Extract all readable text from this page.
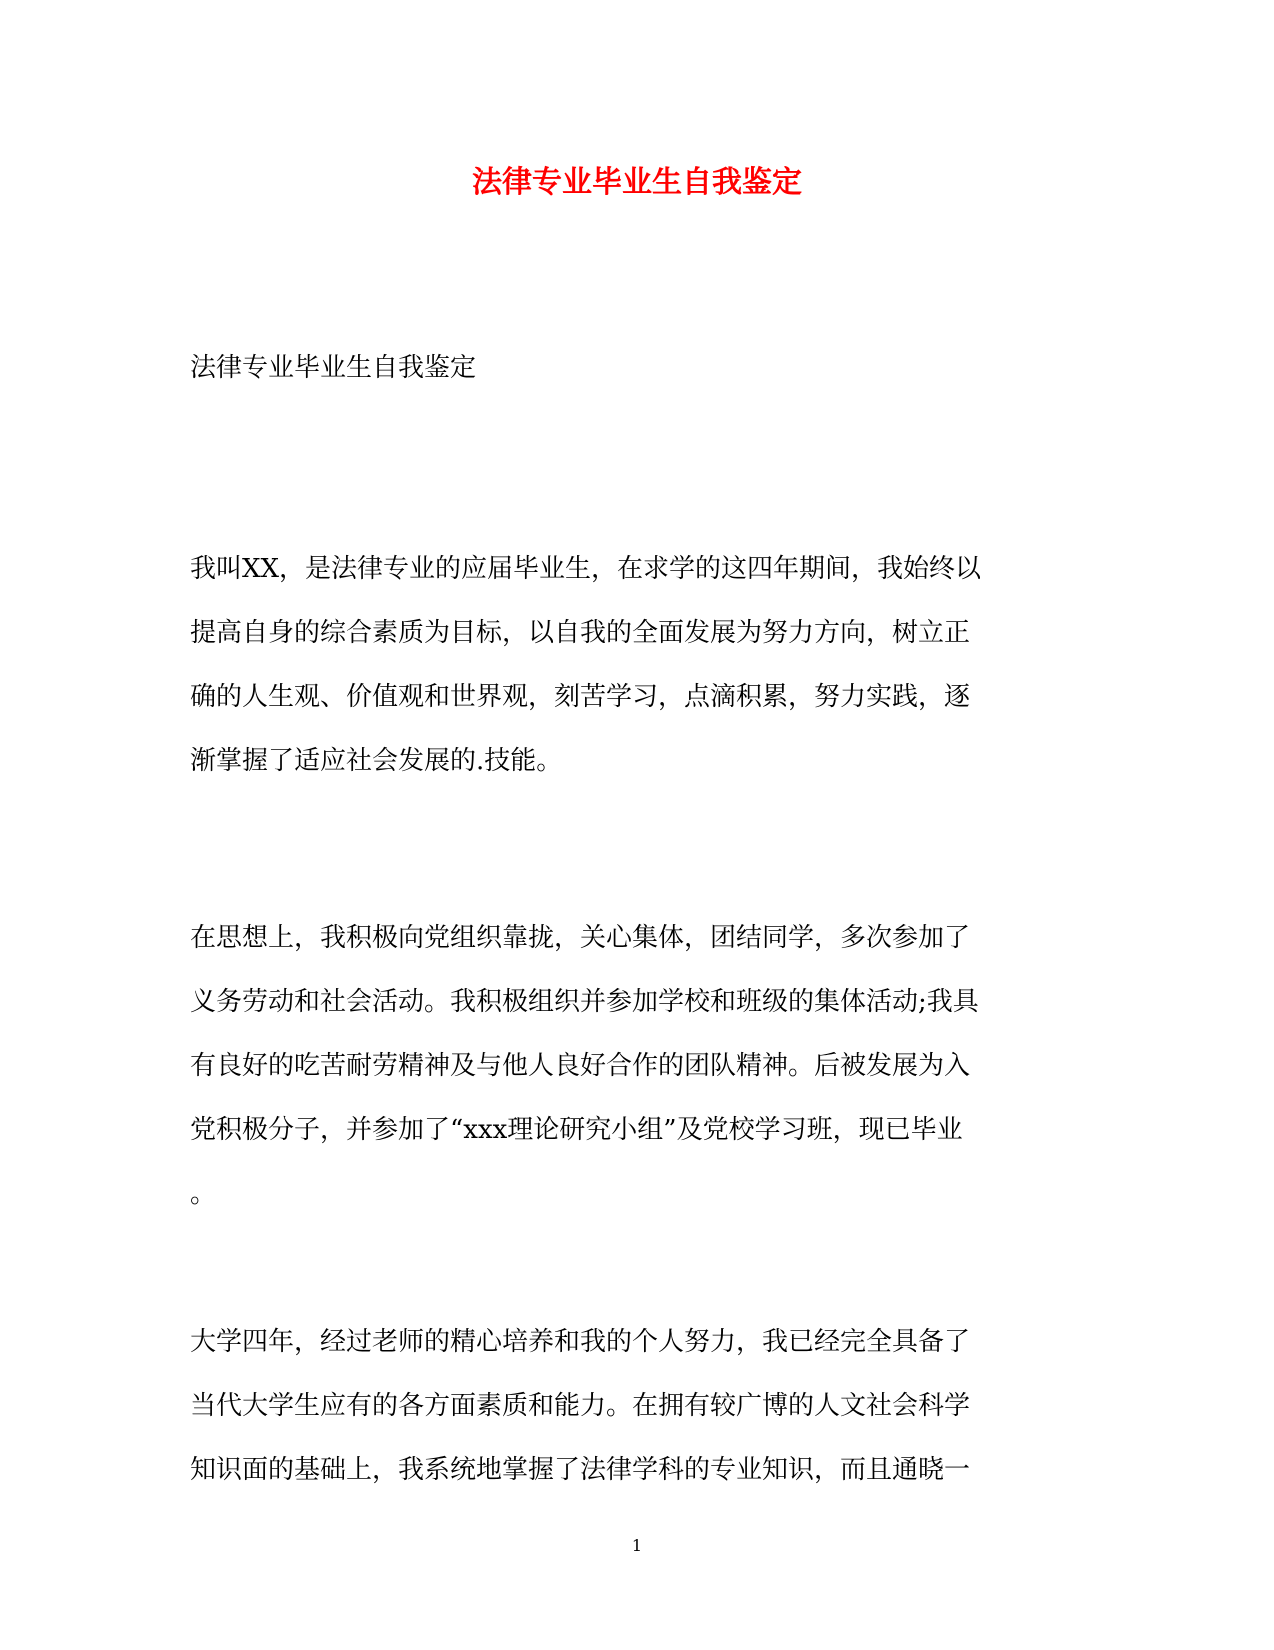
法律专业毕业生自我鉴定
法律专业毕业生自我鉴定
我叫XX，是法律专业的应届毕业生，在求学的这四年期间，我始终以
提高自身的综合素质为目标，以自我的全面发展为努力方向，树立正
确的人生观、价值观和世界观，刻苦学习，点滴积累，努力实践，逐
渐掌握了适应社会发展的.技能。
在思想上，我积极向党组织靠拢，关心集体，团结同学，多次参加了
义务劳动和社会活动。我积极组织并参加学校和班级的集体活动;我具
有良好的吃苦耐劳精神及与他人良好合作的团队精神。后被发展为入
党积极分子，并参加了“xxx理论研究小组”及党校学习班，现已毕业
。
大学四年，经过老师的精心培养和我的个人努力，我已经完全具备了
当代大学生应有的各方面素质和能力。在拥有较广博的人文社会科学
知识面的基础上，我系统地掌握了法律学科的专业知识，而且通晓一
1
